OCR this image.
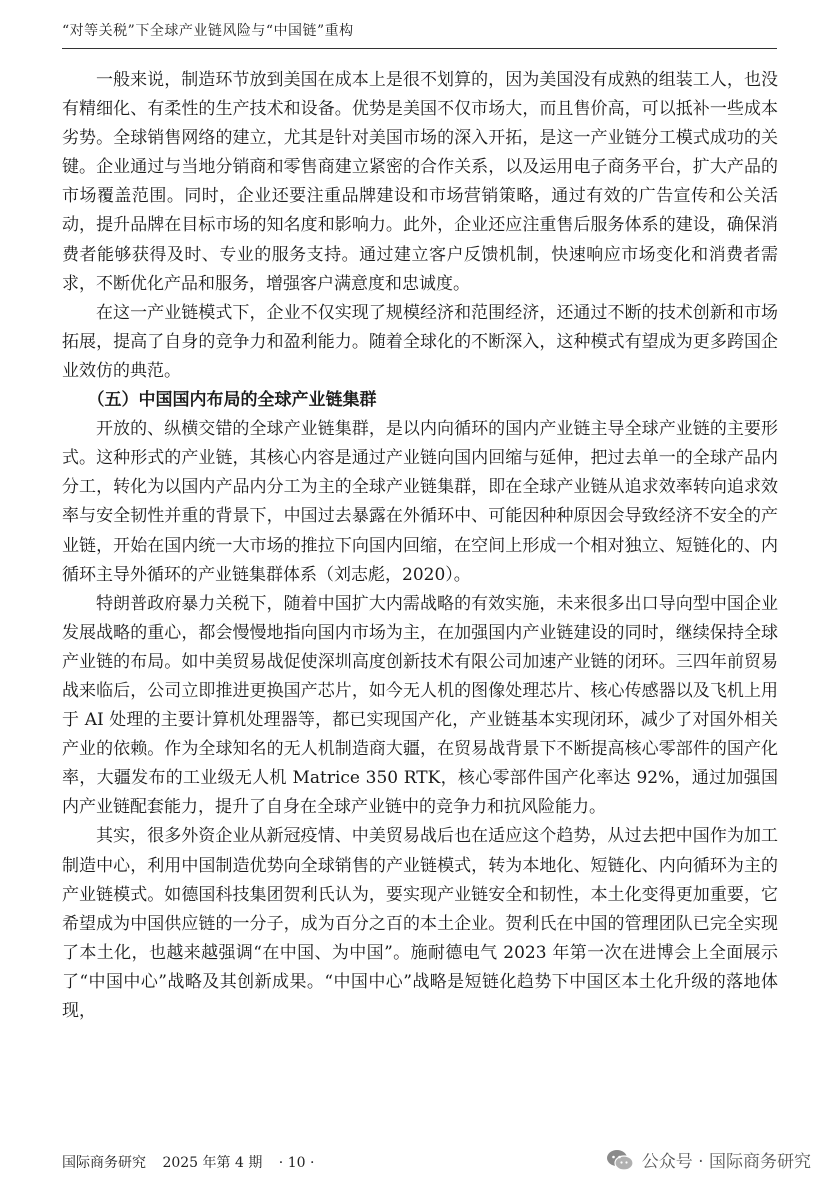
“对等关税”下全球产业链风险与“中国链”重构

一般来说，制造环节放到美国在成本上是很不划算的，因为美国没有成熟的组装工人，也没有精细化、有柔性的生产技术和设备。优势是美国不仅市场大，而且售价高，可以抵补一些成本劣势。全球销售网络的建立，尤其是针对美国市场的深入开拓，是这一产业链分工模式成功的关键。企业通过与当地分销商和零售商建立紧密的合作关系，以及运用电子商务平台，扩大产品的市场覆盖范围。同时，企业还要注重品牌建设和市场营销策略，通过有效的广告宣传和公关活动，提升品牌在目标市场的知名度和影响力。此外，企业还应注重售后服务体系的建设，确保消费者能够获得及时、专业的服务支持。通过建立客户反馈机制，快速响应市场变化和消费者需求，不断优化产品和服务，增强客户满意度和忠诚度。

在这一产业链模式下，企业不仅实现了规模经济和范围经济，还通过不断的技术创新和市场拓展，提高了自身的竞争力和盈利能力。随着全球化的不断深入，这种模式有望成为更多跨国企业效仿的典范。

（五）中国国内布局的全球产业链集群

开放的、纵横交错的全球产业链集群，是以内向循环的国内产业链主导全球产业链的主要形式。这种形式的产业链，其核心内容是通过产业链向国内回缩与延伸，把过去单一的全球产品内分工，转化为以国内产品内分工为主的全球产业链集群，即在全球产业链从追求效率转向追求效率与安全韧性并重的背景下，中国过去暴露在外循环中、可能因种种原因会导致经济不安全的产业链，开始在国内统一大市场的推拉下向国内回缩，在空间上形成一个相对独立、短链化的、内循环主导外循环的产业链集群体系（刘志彪，2020）。

特朗普政府暴力关税下，随着中国扩大内需战略的有效实施，未来很多出口导向型中国企业发展战略的重心，都会慢慢地指向国内市场为主，在加强国内产业链建设的同时，继续保持全球产业链的布局。如中美贸易战促使深圳高度创新技术有限公司加速产业链的闭环。三四年前贸易战来临后，公司立即推进更换国产芯片，如今无人机的图像处理芯片、核心传感器以及飞机上用于 AI 处理的主要计算机处理器等，都已实现国产化，产业链基本实现闭环，减少了对国外相关产业的依赖。作为全球知名的无人机制造商大疆，在贸易战背景下不断提高核心零部件的国产化率，大疆发布的工业级无人机 Matrice 350 RTK，核心零部件国产化率达 92%，通过加强国内产业链配套能力，提升了自身在全球产业链中的竞争力和抗风险能力。

其实，很多外资企业从新冠疫情、中美贸易战后也在适应这个趋势，从过去把中国作为加工制造中心，利用中国制造优势向全球销售的产业链模式，转为本地化、短链化、内向循环为主的产业链模式。如德国科技集团贺利氏认为，要实现产业链安全和韧性，本土化变得更加重要，它希望成为中国供应链的一分子，成为百分之百的本土企业。贺利氏在中国的管理团队已完全实现了本土化，也越来越强调“在中国、为中国”。施耐德电气 2023 年第一次在进博会上全面展示了“中国中心”战略及其创新成果。“中国中心”战略是短链化趋势下中国区本土化升级的落地体现，

国际商务研究 2025 年第 4 期 · 10 ·	公众号 · 国际商务研究
